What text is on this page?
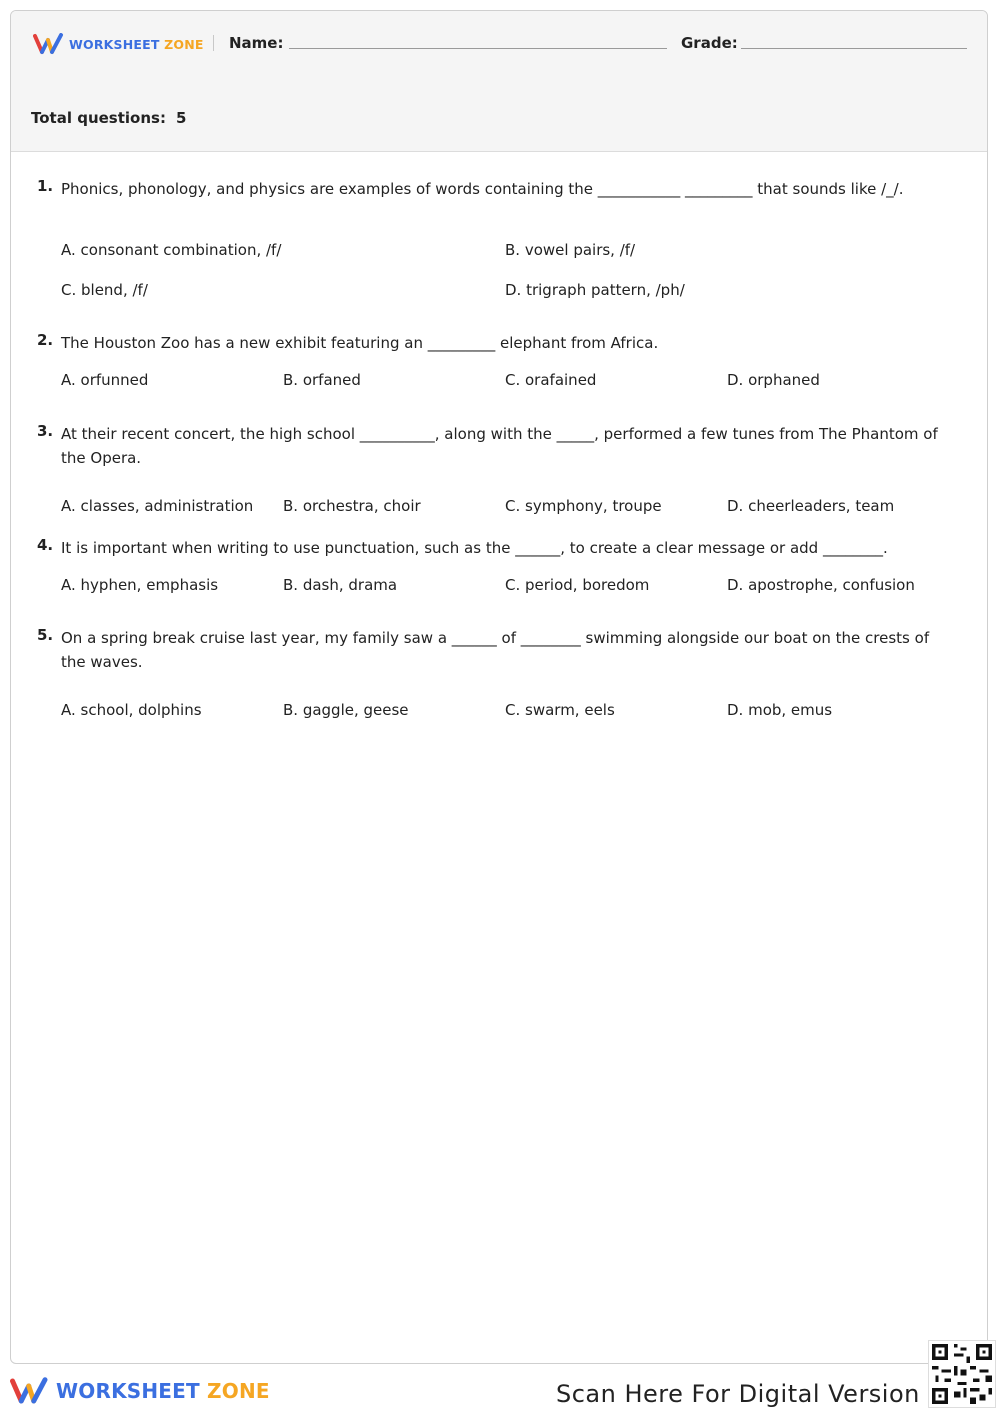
WORKSHEET ZONE Name:	Grade:
Total questions: 5
1. Phonics, phonology, and physics are examples of words containing the ___________ _________ that sounds like /_/.
A. consonant combination, /f/	B. vowel pairs, /f/
C. blend, /f/	D. trigraph pattern, /ph/
2. The Houston Zoo has a new exhibit featuring an _________ elephant from Africa.
A. orfunned	B. orfaned	C. orafained	D. orphaned
3. At their recent concert, the high school __________, along with the _____, performed a few tunes from The Phantom of the Opera.
A. classes, administration B. orchestra, choir	C. symphony, troupe	D. cheerleaders, team
4. It is important when writing to use punctuation, such as the ______, to create a clear message or add ________.
A. hyphen, emphasis	B. dash, drama	C. period, boredom	D. apostrophe, confusion
5. On a spring break cruise last year, my family saw a ______ of ________ swimming alongside our boat on the crests of the waves.
A. school, dolphins	B. gaggle, geese	C. swarm, eels	D. mob, emus
WORKSHEET ZONE	Scan Here For Digital Version
